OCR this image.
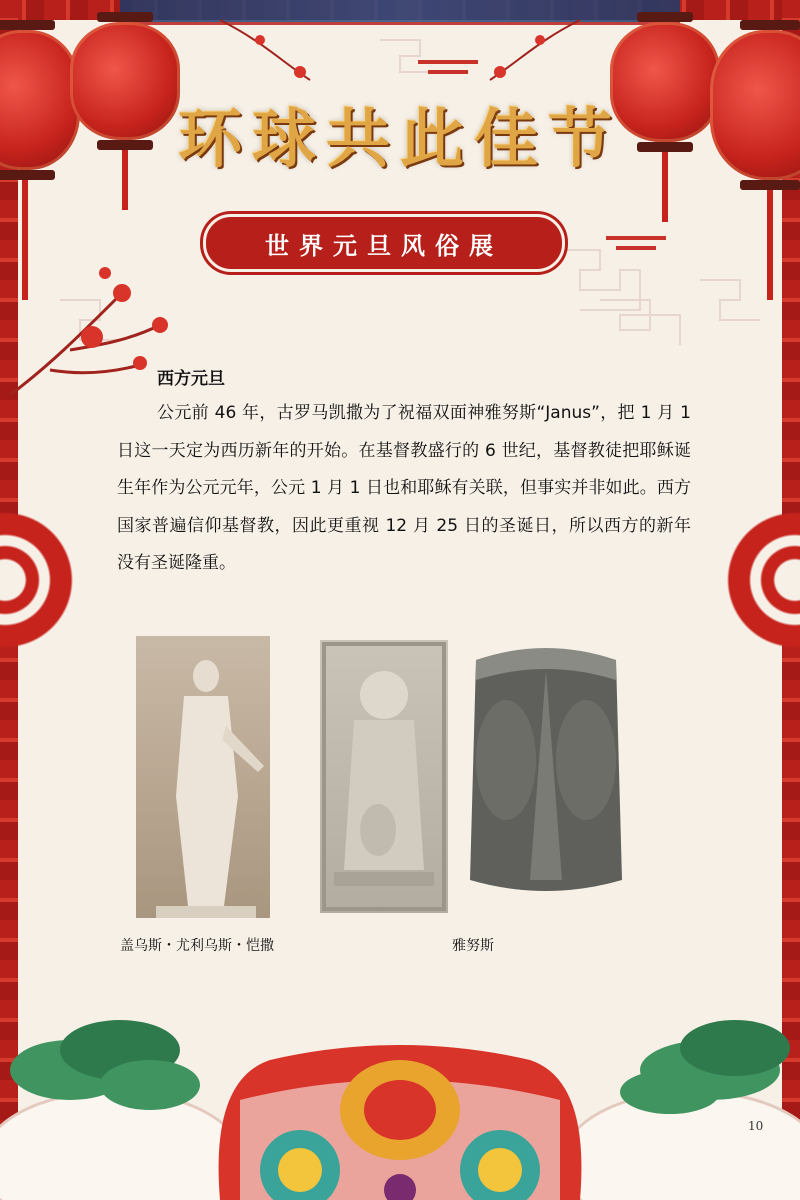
环球共此佳节
世界元旦风俗展
西方元旦
公元前 46 年，古罗马凯撒为了祝福双面神雅努斯“Janus”，把 1 月 1 日这一天定为西历新年的开始。在基督教盛行的 6 世纪，基督教徒把耶稣诞生年作为公元元年，公元 1 月 1 日也和耶稣有关联，但事实并非如此。西方国家普遍信仰基督教，因此更重视 12 月 25 日的圣诞日，所以西方的新年没有圣诞隆重。
盖乌斯・尤利乌斯・恺撒	雅努斯
10
